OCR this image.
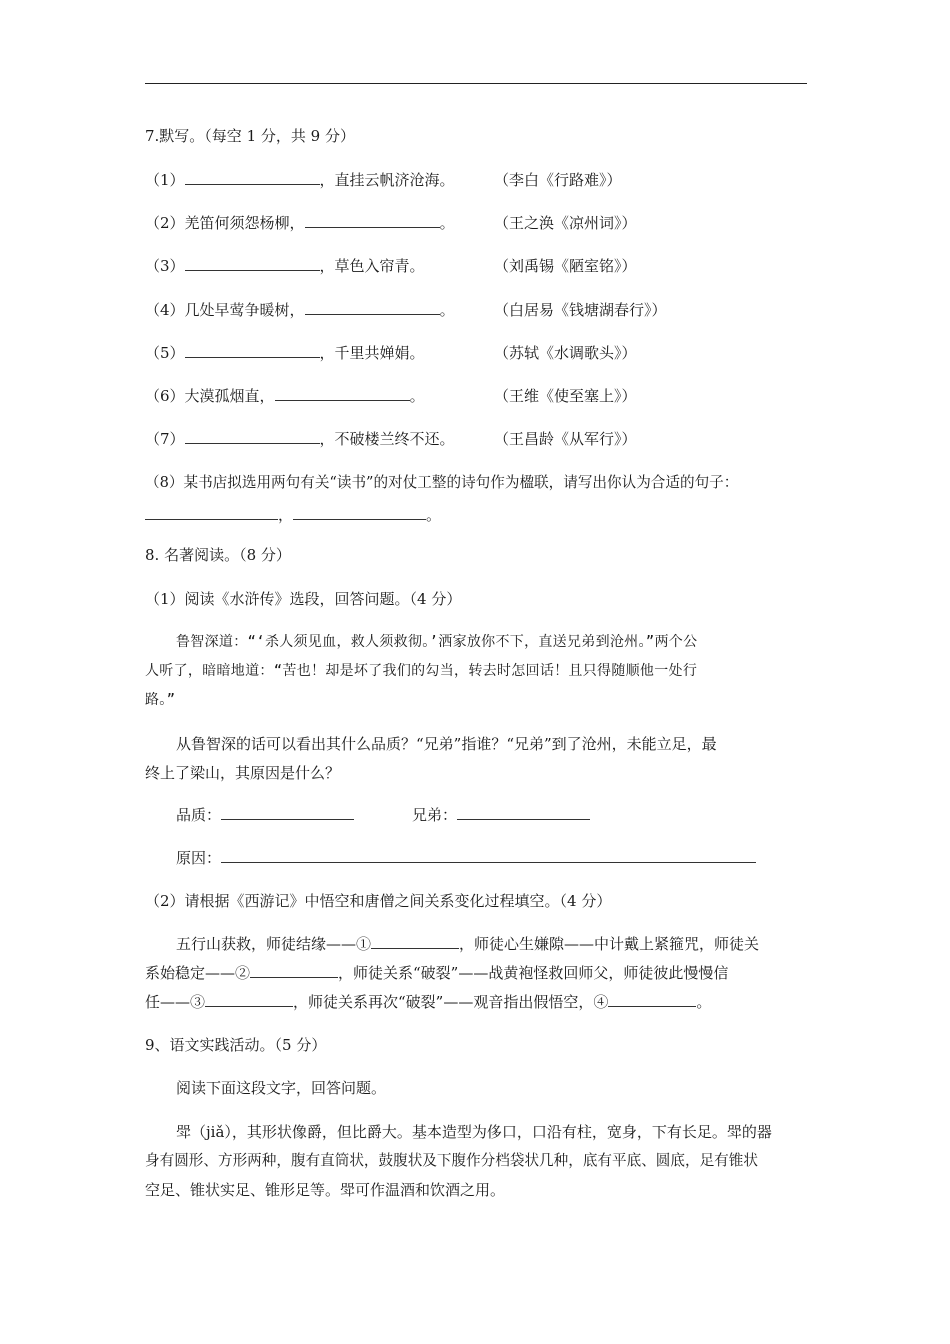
7.默写。（每空 1 分，共 9 分）
（1）	，直挂云帆济沧海。	（李白《行路难》）
（2）羌笛何须怨杨柳，	。	（王之涣《凉州词》）
（3）	，草色入帘青。	（刘禹锡《陋室铭》）
（4）几处早莺争暖树，	。	（白居易《钱塘湖春行》）
（5）	，千里共婵娟。	（苏轼《水调歌头》）
（6）大漠孤烟直，	。	（王维《使至塞上》）
（7）	，不破楼兰终不还。	（王昌龄《从军行》）
（8）某书店拟选用两句有关“读书”的对仗工整的诗句作为楹联，请写出你认为合适的句子：
，	。
8. 名著阅读。（8 分）
（1）阅读《水浒传》选段，回答问题。（4 分）
鲁智深道：“‘杀人须见血，救人须救彻。’洒家放你不下，直送兄弟到沧州。”两个公
人听了，暗暗地道：“苦也！却是坏了我们的勾当，转去时怎回话！且只得随顺他一处行
路。”
从鲁智深的话可以看出其什么品质？“兄弟”指谁？“兄弟”到了沧州，未能立足，最
终上了梁山，其原因是什么？
品质：	兄弟：
原因：
（2）请根据《西游记》中悟空和唐僧之间关系变化过程填空。（4 分）
五行山获救，师徒结缘——①	，师徒心生嫌隙——中计戴上紧箍咒，师徒关
系始稳定——②	，师徒关系“破裂”——战黄袍怪救回师父，师徒彼此慢慢信
任——③	，师徒关系再次“破裂”——观音指出假悟空，④	。
9、语文实践活动。（5 分）
阅读下面这段文字，回答问题。
斝（jiǎ），其形状像爵，但比爵大。基本造型为侈口，口沿有柱，宽身，下有长足。斝的器
身有圆形、方形两种，腹有直筒状，鼓腹状及下腹作分档袋状几种，底有平底、圆底，足有锥状
空足、锥状实足、锥形足等。斝可作温酒和饮酒之用。
